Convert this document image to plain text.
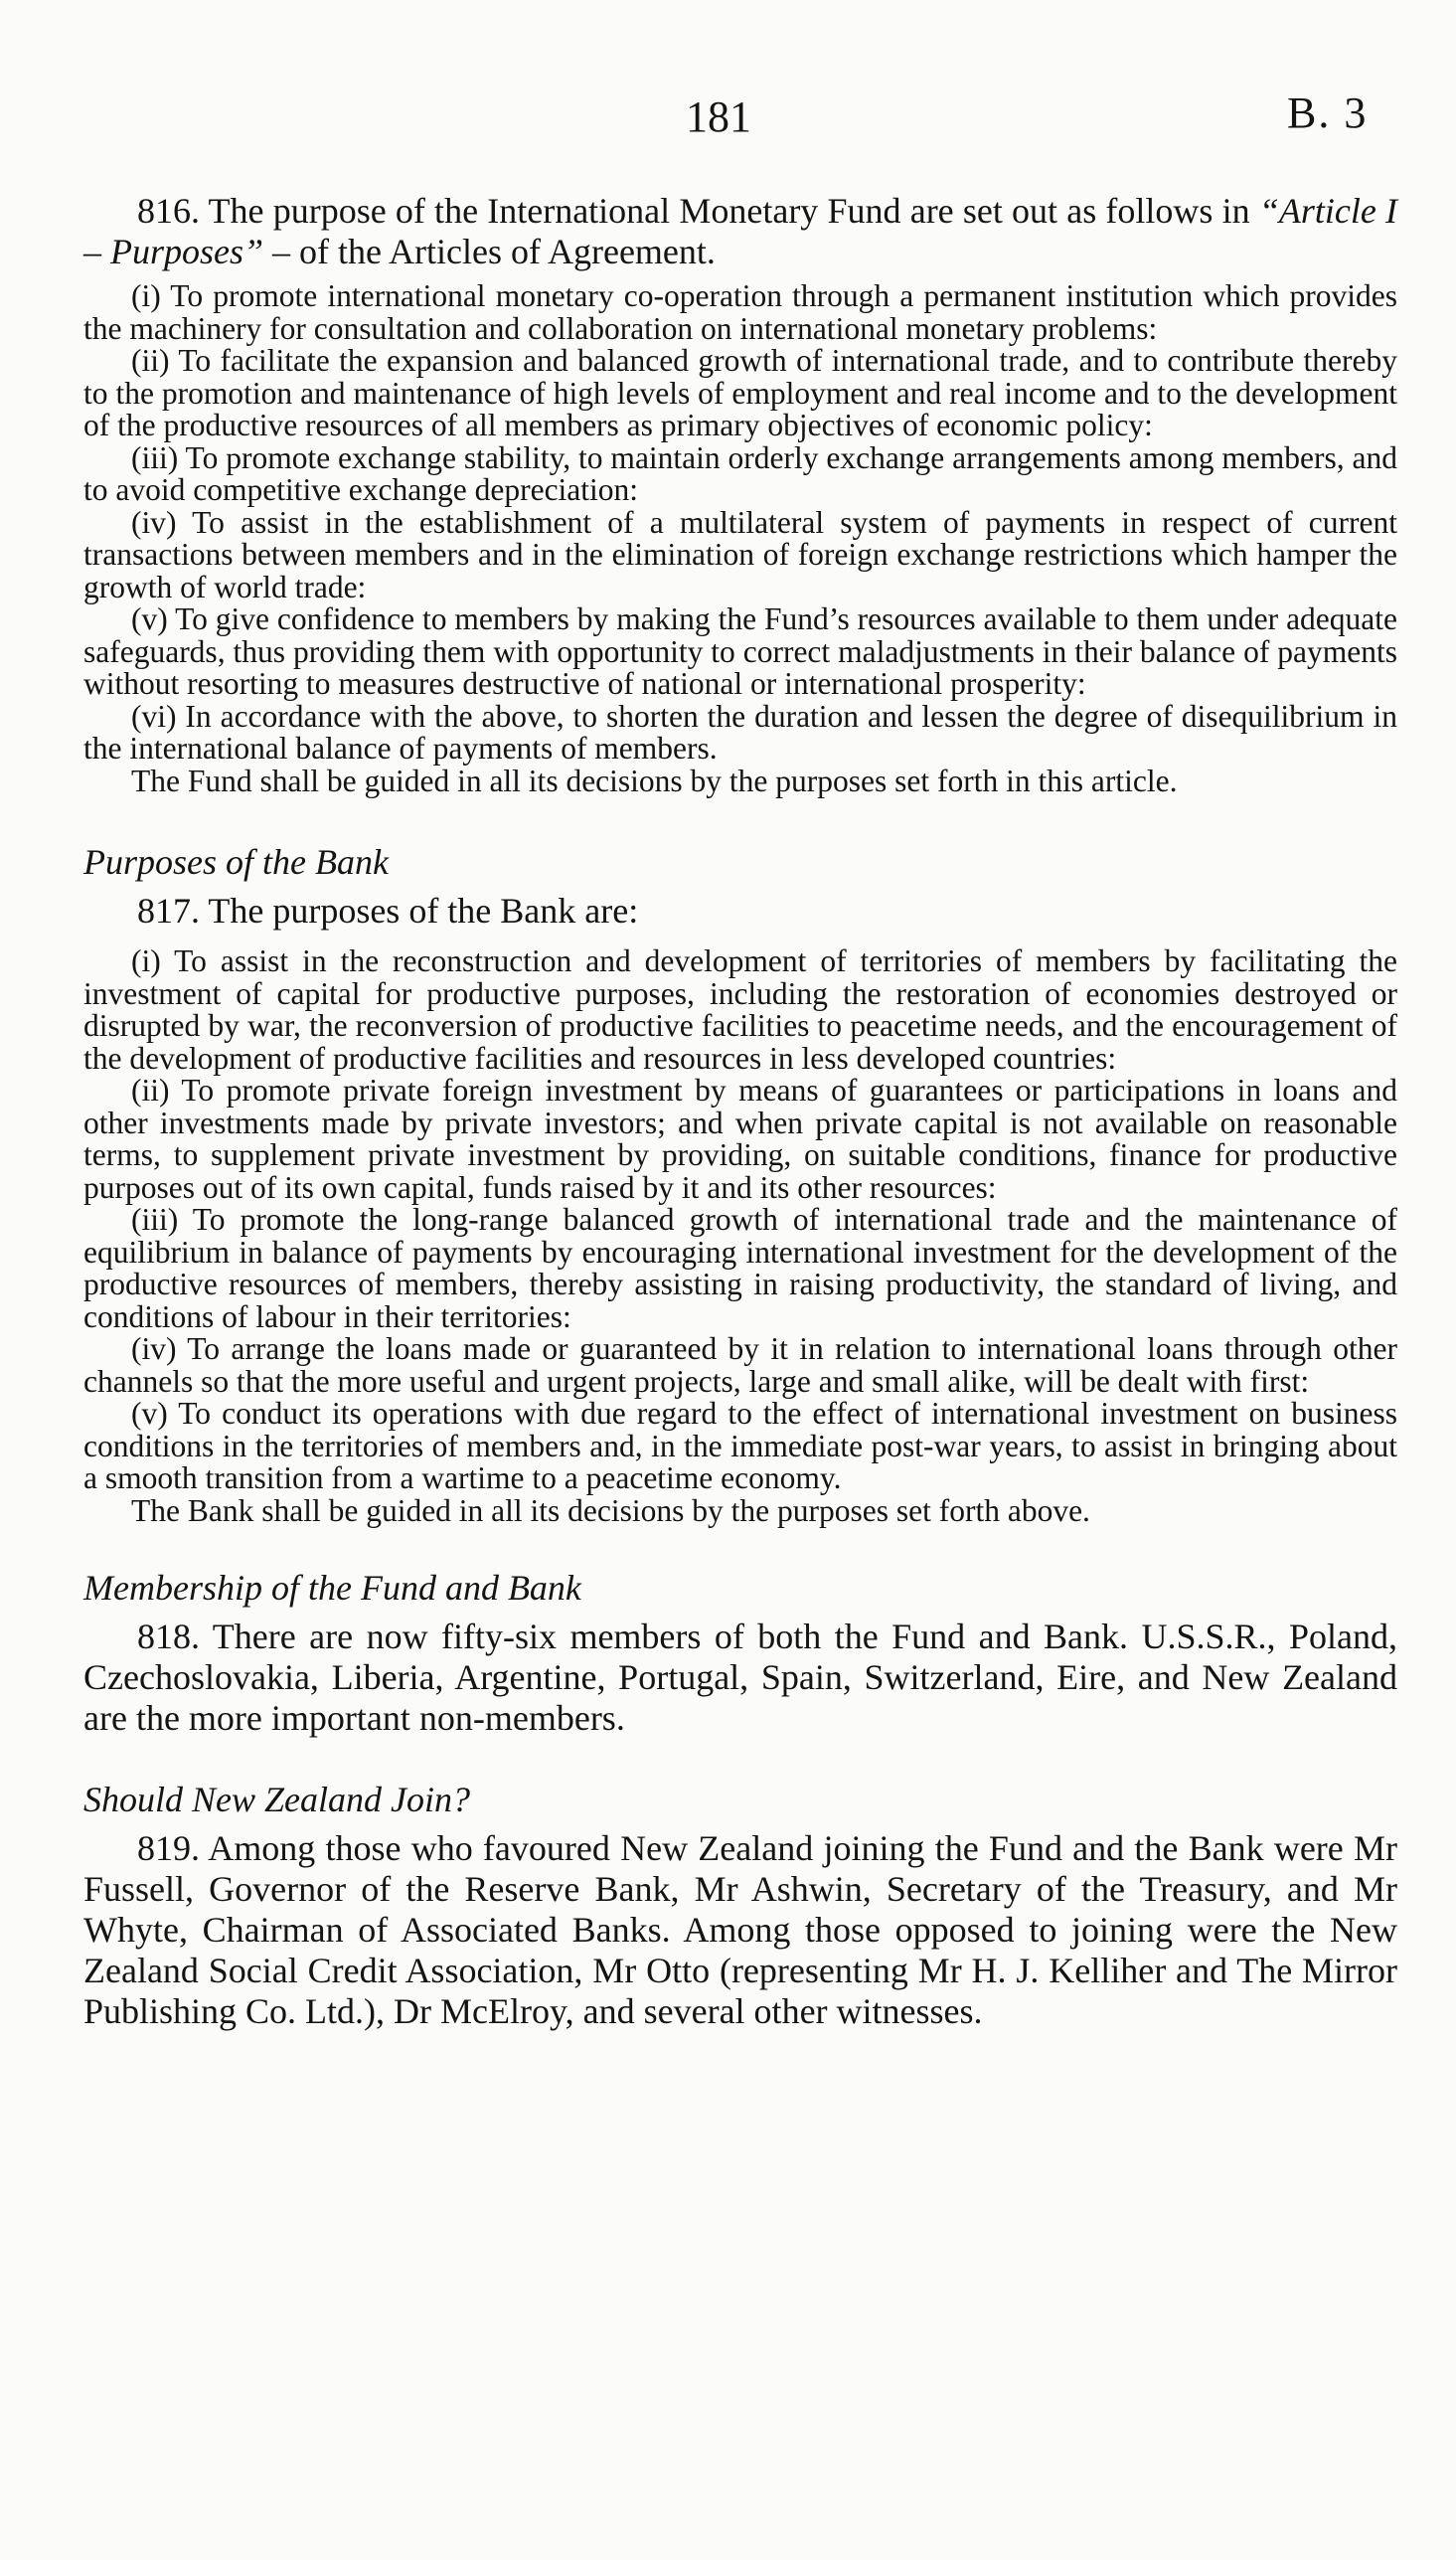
181	B. 3

816. The purpose of the International Monetary Fund are set out as follows in “Article I – Purposes” – of the Articles of Agreement.

(i) To promote international monetary co-operation through a permanent institution which provides the machinery for consultation and collaboration on international monetary problems:

(ii) To facilitate the expansion and balanced growth of international trade, and to contribute thereby to the promotion and maintenance of high levels of employment and real income and to the development of the productive resources of all members as primary objectives of economic policy:

(iii) To promote exchange stability, to maintain orderly exchange arrangements among members, and to avoid competitive exchange depreciation:

(iv) To assist in the establishment of a multilateral system of payments in respect of current transactions between members and in the elimination of foreign exchange restrictions which hamper the growth of world trade:

(v) To give confidence to members by making the Fund’s resources available to them under adequate safeguards, thus providing them with opportunity to correct maladjustments in their balance of payments without resorting to measures destructive of national or international prosperity:

(vi) In accordance with the above, to shorten the duration and lessen the degree of disequilibrium in the international balance of payments of members.

The Fund shall be guided in all its decisions by the purposes set forth in this article.

Purposes of the Bank

817. The purposes of the Bank are:

(i) To assist in the reconstruction and development of territories of members by facilitating the investment of capital for productive purposes, including the restoration of economies destroyed or disrupted by war, the reconversion of productive facilities to peacetime needs, and the encouragement of the development of productive facilities and resources in less developed countries:

(ii) To promote private foreign investment by means of guarantees or participations in loans and other investments made by private investors; and when private capital is not available on reasonable terms, to supplement private investment by providing, on suitable conditions, finance for productive purposes out of its own capital, funds raised by it and its other resources:

(iii) To promote the long-range balanced growth of international trade and the maintenance of equilibrium in balance of payments by encouraging international investment for the development of the productive resources of members, thereby assisting in raising productivity, the standard of living, and conditions of labour in their territories:

(iv) To arrange the loans made or guaranteed by it in relation to international loans through other channels so that the more useful and urgent projects, large and small alike, will be dealt with first:

(v) To conduct its operations with due regard to the effect of international investment on business conditions in the territories of members and, in the immediate post-war years, to assist in bringing about a smooth transition from a wartime to a peacetime economy.

The Bank shall be guided in all its decisions by the purposes set forth above.

Membership of the Fund and Bank

818. There are now fifty-six members of both the Fund and Bank. U.S.S.R., Poland, Czechoslovakia, Liberia, Argentine, Portugal, Spain, Switzerland, Eire, and New Zealand are the more important non-members.

Should New Zealand Join?

819. Among those who favoured New Zealand joining the Fund and the Bank were Mr Fussell, Governor of the Reserve Bank, Mr Ashwin, Secretary of the Treasury, and Mr Whyte, Chairman of Associated Banks. Among those opposed to joining were the New Zealand Social Credit Association, Mr Otto (representing Mr H. J. Kelliher and The Mirror Publishing Co. Ltd.), Dr McElroy, and several other witnesses.
